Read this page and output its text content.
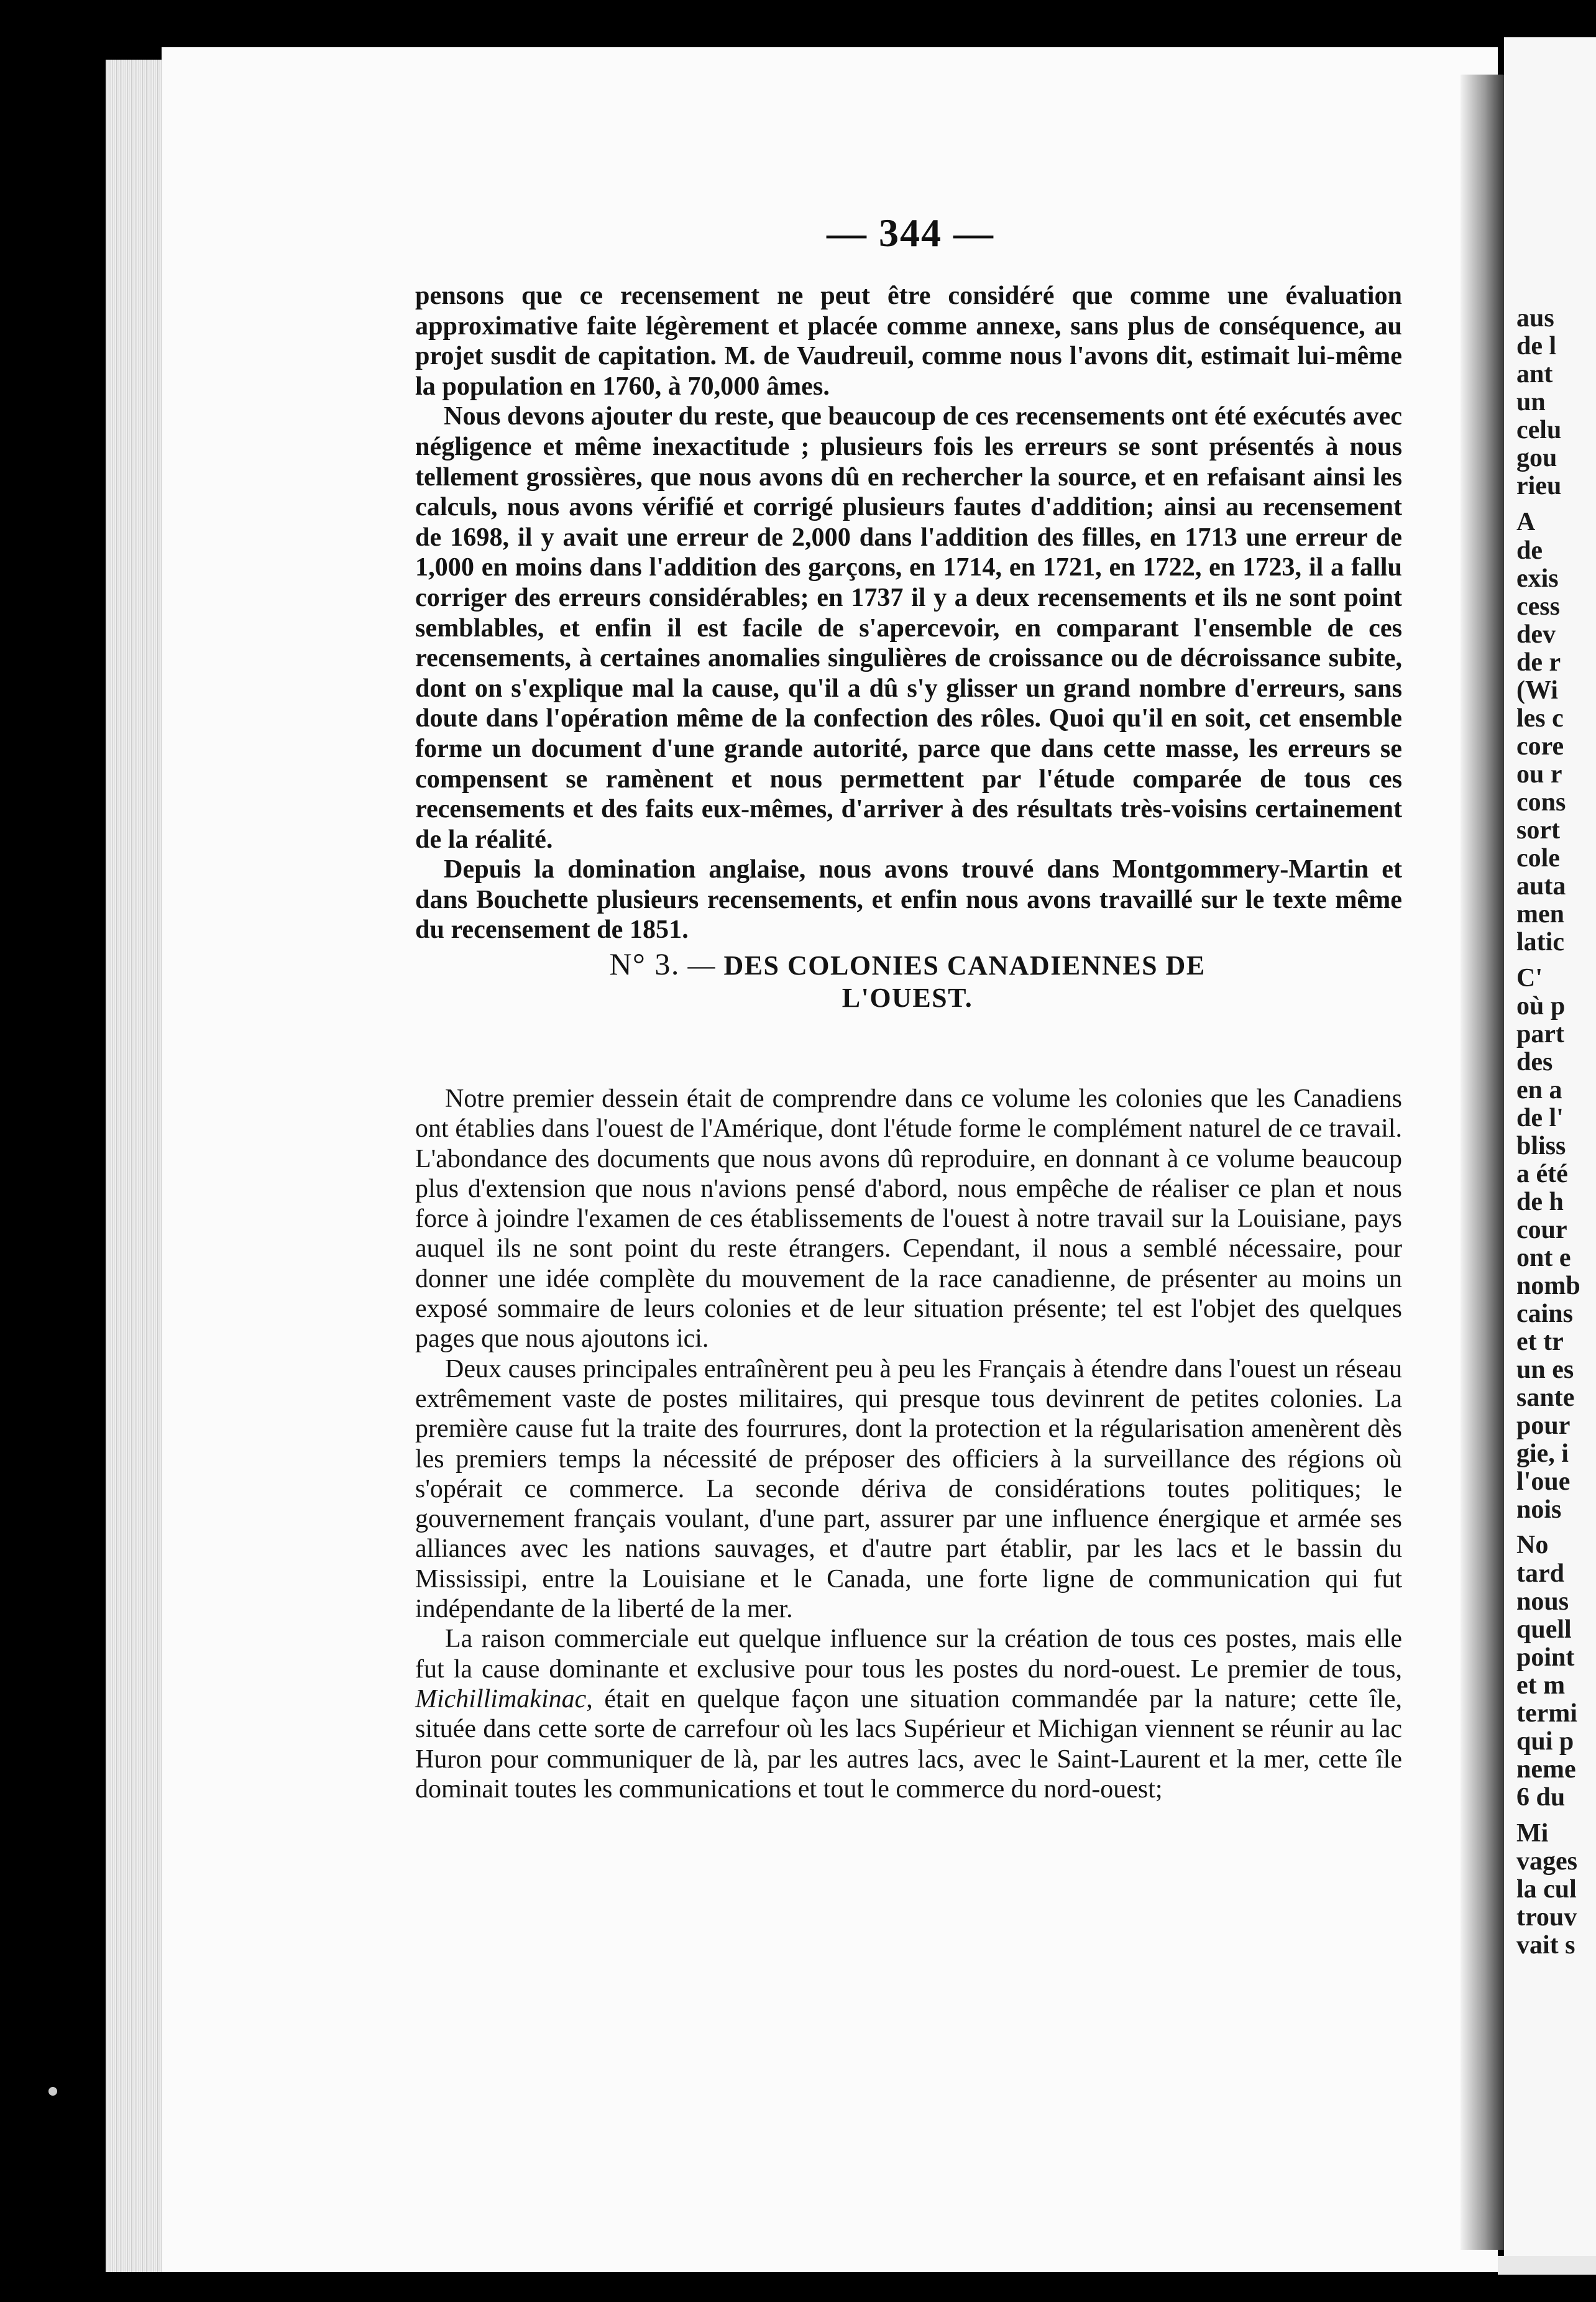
aus
de l
ant
un
celu
gou
rieu
A
de
exis
cess
dev
de r
(Wi
les c
core
ou r
cons
sort
cole
auta
men
latic
C'
où p
part
des
en a
de l'
bliss
a été
de h
cour
ont e
nomb
cains
et tr
un es
sante
pour
gie, i
l'oue
nois
No
tard
nous
quell
point
et m
termi
qui p
neme
6 du
Mi
vages
la cul
trouv
vait s
— 344 —

pensons que ce recensement ne peut être considéré que comme une évaluation approximative faite légèrement et placée comme annexe, sans plus de conséquence, au projet susdit de capitation. M. de Vaudreuil, comme nous l'avons dit, estimait lui-même la population en 1760, à 70,000 âmes.

Nous devons ajouter du reste, que beaucoup de ces recensements ont été exécutés avec négligence et même inexactitude ; plusieurs fois les erreurs se sont présentés à nous tellement grossières, que nous avons dû en rechercher la source, et en refaisant ainsi les calculs, nous avons vérifié et corrigé plusieurs fautes d'addition; ainsi au recensement de 1698, il y avait une erreur de 2,000 dans l'addition des filles, en 1713 une erreur de 1,000 en moins dans l'addition des garçons, en 1714, en 1721, en 1722, en 1723, il a fallu corriger des erreurs considérables; en 1737 il y a deux recensements et ils ne sont point semblables, et enfin il est facile de s'apercevoir, en comparant l'ensemble de ces recensements, à certaines anomalies singulières de croissance ou de décroissance subite, dont on s'explique mal la cause, qu'il a dû s'y glisser un grand nombre d'erreurs, sans doute dans l'opération même de la confection des rôles. Quoi qu'il en soit, cet ensemble forme un document d'une grande autorité, parce que dans cette masse, les erreurs se compensent se ramènent et nous permettent par l'étude comparée de tous ces recensements et des faits eux-mêmes, d'arriver à des résultats très-voisins certainement de la réalité.

Depuis la domination anglaise, nous avons trouvé dans Montgommery-Martin et dans Bouchette plusieurs recensements, et enfin nous avons travaillé sur le texte même du recensement de 1851.

N° 3. — DES COLONIES CANADIENNES DE L'OUEST.

Notre premier dessein était de comprendre dans ce volume les colonies que les Canadiens ont établies dans l'ouest de l'Amérique, dont l'étude forme le complément naturel de ce travail. L'abondance des documents que nous avons dû reproduire, en donnant à ce volume beaucoup plus d'extension que nous n'avions pensé d'abord, nous empêche de réaliser ce plan et nous force à joindre l'examen de ces établissements de l'ouest à notre travail sur la Louisiane, pays auquel ils ne sont point du reste étrangers. Cependant, il nous a semblé nécessaire, pour donner une idée complète du mouvement de la race canadienne, de présenter au moins un exposé sommaire de leurs colonies et de leur situation présente; tel est l'objet des quelques pages que nous ajoutons ici.

Deux causes principales entraînèrent peu à peu les Français à étendre dans l'ouest un réseau extrêmement vaste de postes militaires, qui presque tous devinrent de petites colonies. La première cause fut la traite des fourrures, dont la protection et la régularisation amenèrent dès les premiers temps la nécessité de préposer des officiers à la surveillance des régions où s'opérait ce commerce. La seconde dériva de considérations toutes politiques; le gouvernement français voulant, d'une part, assurer par une influence énergique et armée ses alliances avec les nations sauvages, et d'autre part établir, par les lacs et le bassin du Mississipi, entre la Louisiane et le Canada, une forte ligne de communication qui fut indépendante de la liberté de la mer.

La raison commerciale eut quelque influence sur la création de tous ces postes, mais elle fut la cause dominante et exclusive pour tous les postes du nord-ouest. Le premier de tous, Michillimakinac, était en quelque façon une situation commandée par la nature; cette île, située dans cette sorte de carrefour où les lacs Supérieur et Michigan viennent se réunir au lac Huron pour communiquer de là, par les autres lacs, avec le Saint-Laurent et la mer, cette île dominait toutes les communications et tout le commerce du nord-ouest;
